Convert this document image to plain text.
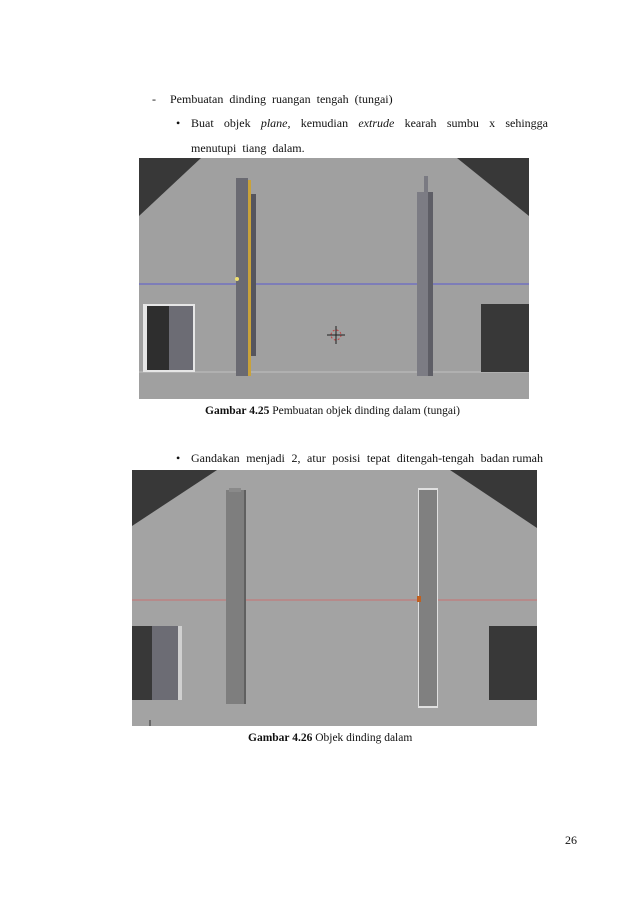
- Pembuatan  dinding  ruangan  tengah  (tungai)
• Buat objek plane, kemudian extrude kearah sumbu x sehingga
menutupi  tiang  dalam.
Gambar 4.25 Pembuatan objek dinding dalam (tungai)
• Gandakan menjadi 2, atur posisi tepat ditengah-tengah badan rumah
Gambar 4.26 Objek dinding dalam
26
